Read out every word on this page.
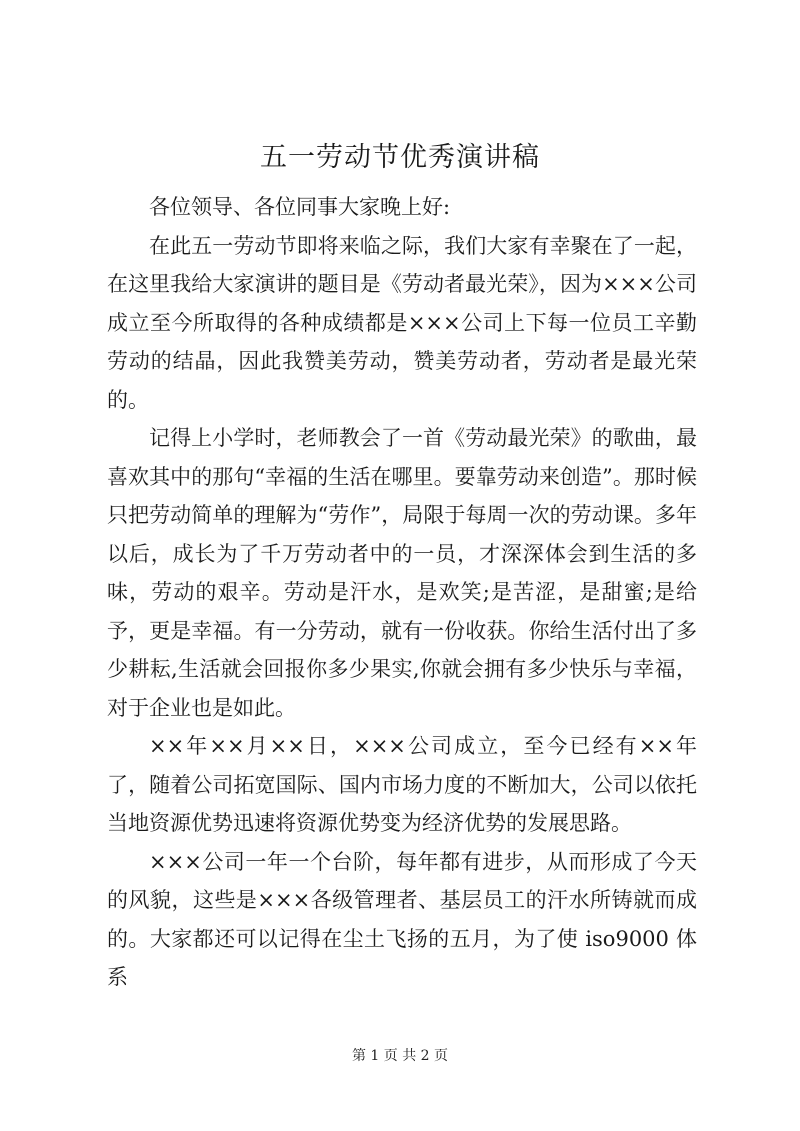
五一劳动节优秀演讲稿

各位领导、各位同事大家晚上好:

在此五一劳动节即将来临之际，我们大家有幸聚在了一起，在这里我给大家演讲的题目是《劳动者最光荣》，因为×××公司成立至今所取得的各种成绩都是×××公司上下每一位员工辛勤劳动的结晶，因此我赞美劳动，赞美劳动者，劳动者是最光荣的。

记得上小学时，老师教会了一首《劳动最光荣》的歌曲，最喜欢其中的那句“幸福的生活在哪里。要靠劳动来创造”。那时候只把劳动简单的理解为“劳作”，局限于每周一次的劳动课。多年以后，成长为了千万劳动者中的一员，才深深体会到生活的多味，劳动的艰辛。劳动是汗水，是欢笑;是苦涩，是甜蜜;是给予，更是幸福。有一分劳动，就有一份收获。你给生活付出了多少耕耘,生活就会回报你多少果实,你就会拥有多少快乐与幸福，对于企业也是如此。

××年××月××日，×××公司成立，至今已经有××年了，随着公司拓宽国际、国内市场力度的不断加大，公司以依托当地资源优势迅速将资源优势变为经济优势的发展思路。

×××公司一年一个台阶，每年都有进步，从而形成了今天的风貌，这些是×××各级管理者、基层员工的汗水所铸就而成的。大家都还可以记得在尘土飞扬的五月，为了使 iso9000 体系

第 1 页 共 2 页
